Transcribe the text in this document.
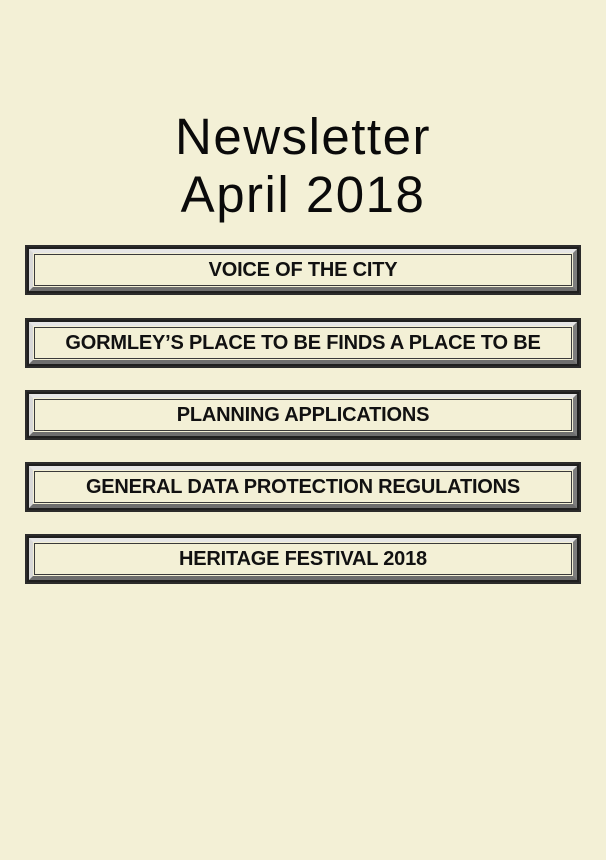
Newsletter
April 2018
VOICE OF THE CITY
GORMLEY’S PLACE TO BE FINDS A PLACE TO BE
PLANNING APPLICATIONS
GENERAL DATA PROTECTION REGULATIONS
HERITAGE FESTIVAL 2018
